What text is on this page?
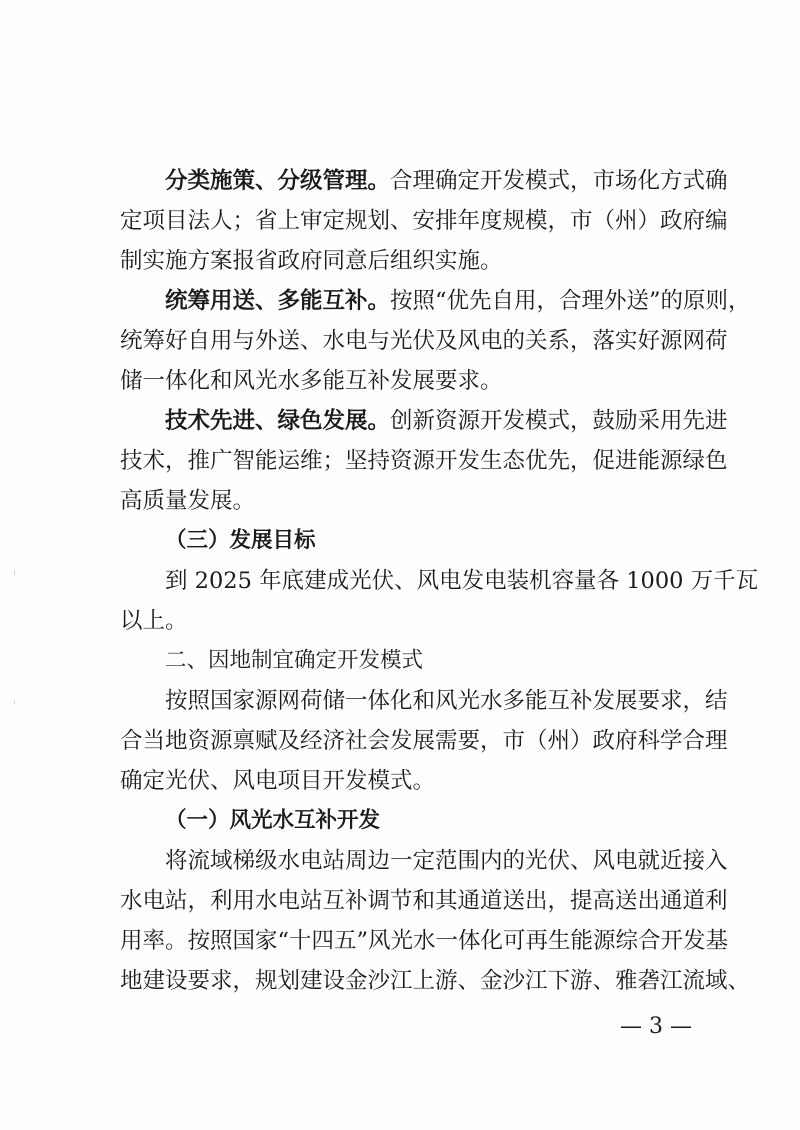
分类施策、分级管理。合理确定开发模式，市场化方式确
定项目法人；省上审定规划、安排年度规模，市（州）政府编
制实施方案报省政府同意后组织实施。
统筹用送、多能互补。按照“优先自用，合理外送”的原则，
统筹好自用与外送、水电与光伏及风电的关系，落实好源网荷
储一体化和风光水多能互补发展要求。
技术先进、绿色发展。创新资源开发模式，鼓励采用先进
技术，推广智能运维；坚持资源开发生态优先，促进能源绿色
高质量发展。
（三）发展目标
到 2025 年底建成光伏、风电发电装机容量各 1000 万千瓦
以上。
二、因地制宜确定开发模式
按照国家源网荷储一体化和风光水多能互补发展要求，结
合当地资源禀赋及经济社会发展需要，市（州）政府科学合理
确定光伏、风电项目开发模式。
（一）风光水互补开发
将流域梯级水电站周边一定范围内的光伏、风电就近接入
水电站，利用水电站互补调节和其通道送出，提高送出通道利
用率。按照国家“十四五”风光水一体化可再生能源综合开发基
地建设要求，规划建设金沙江上游、金沙江下游、雅砻江流域、
— 3 —
